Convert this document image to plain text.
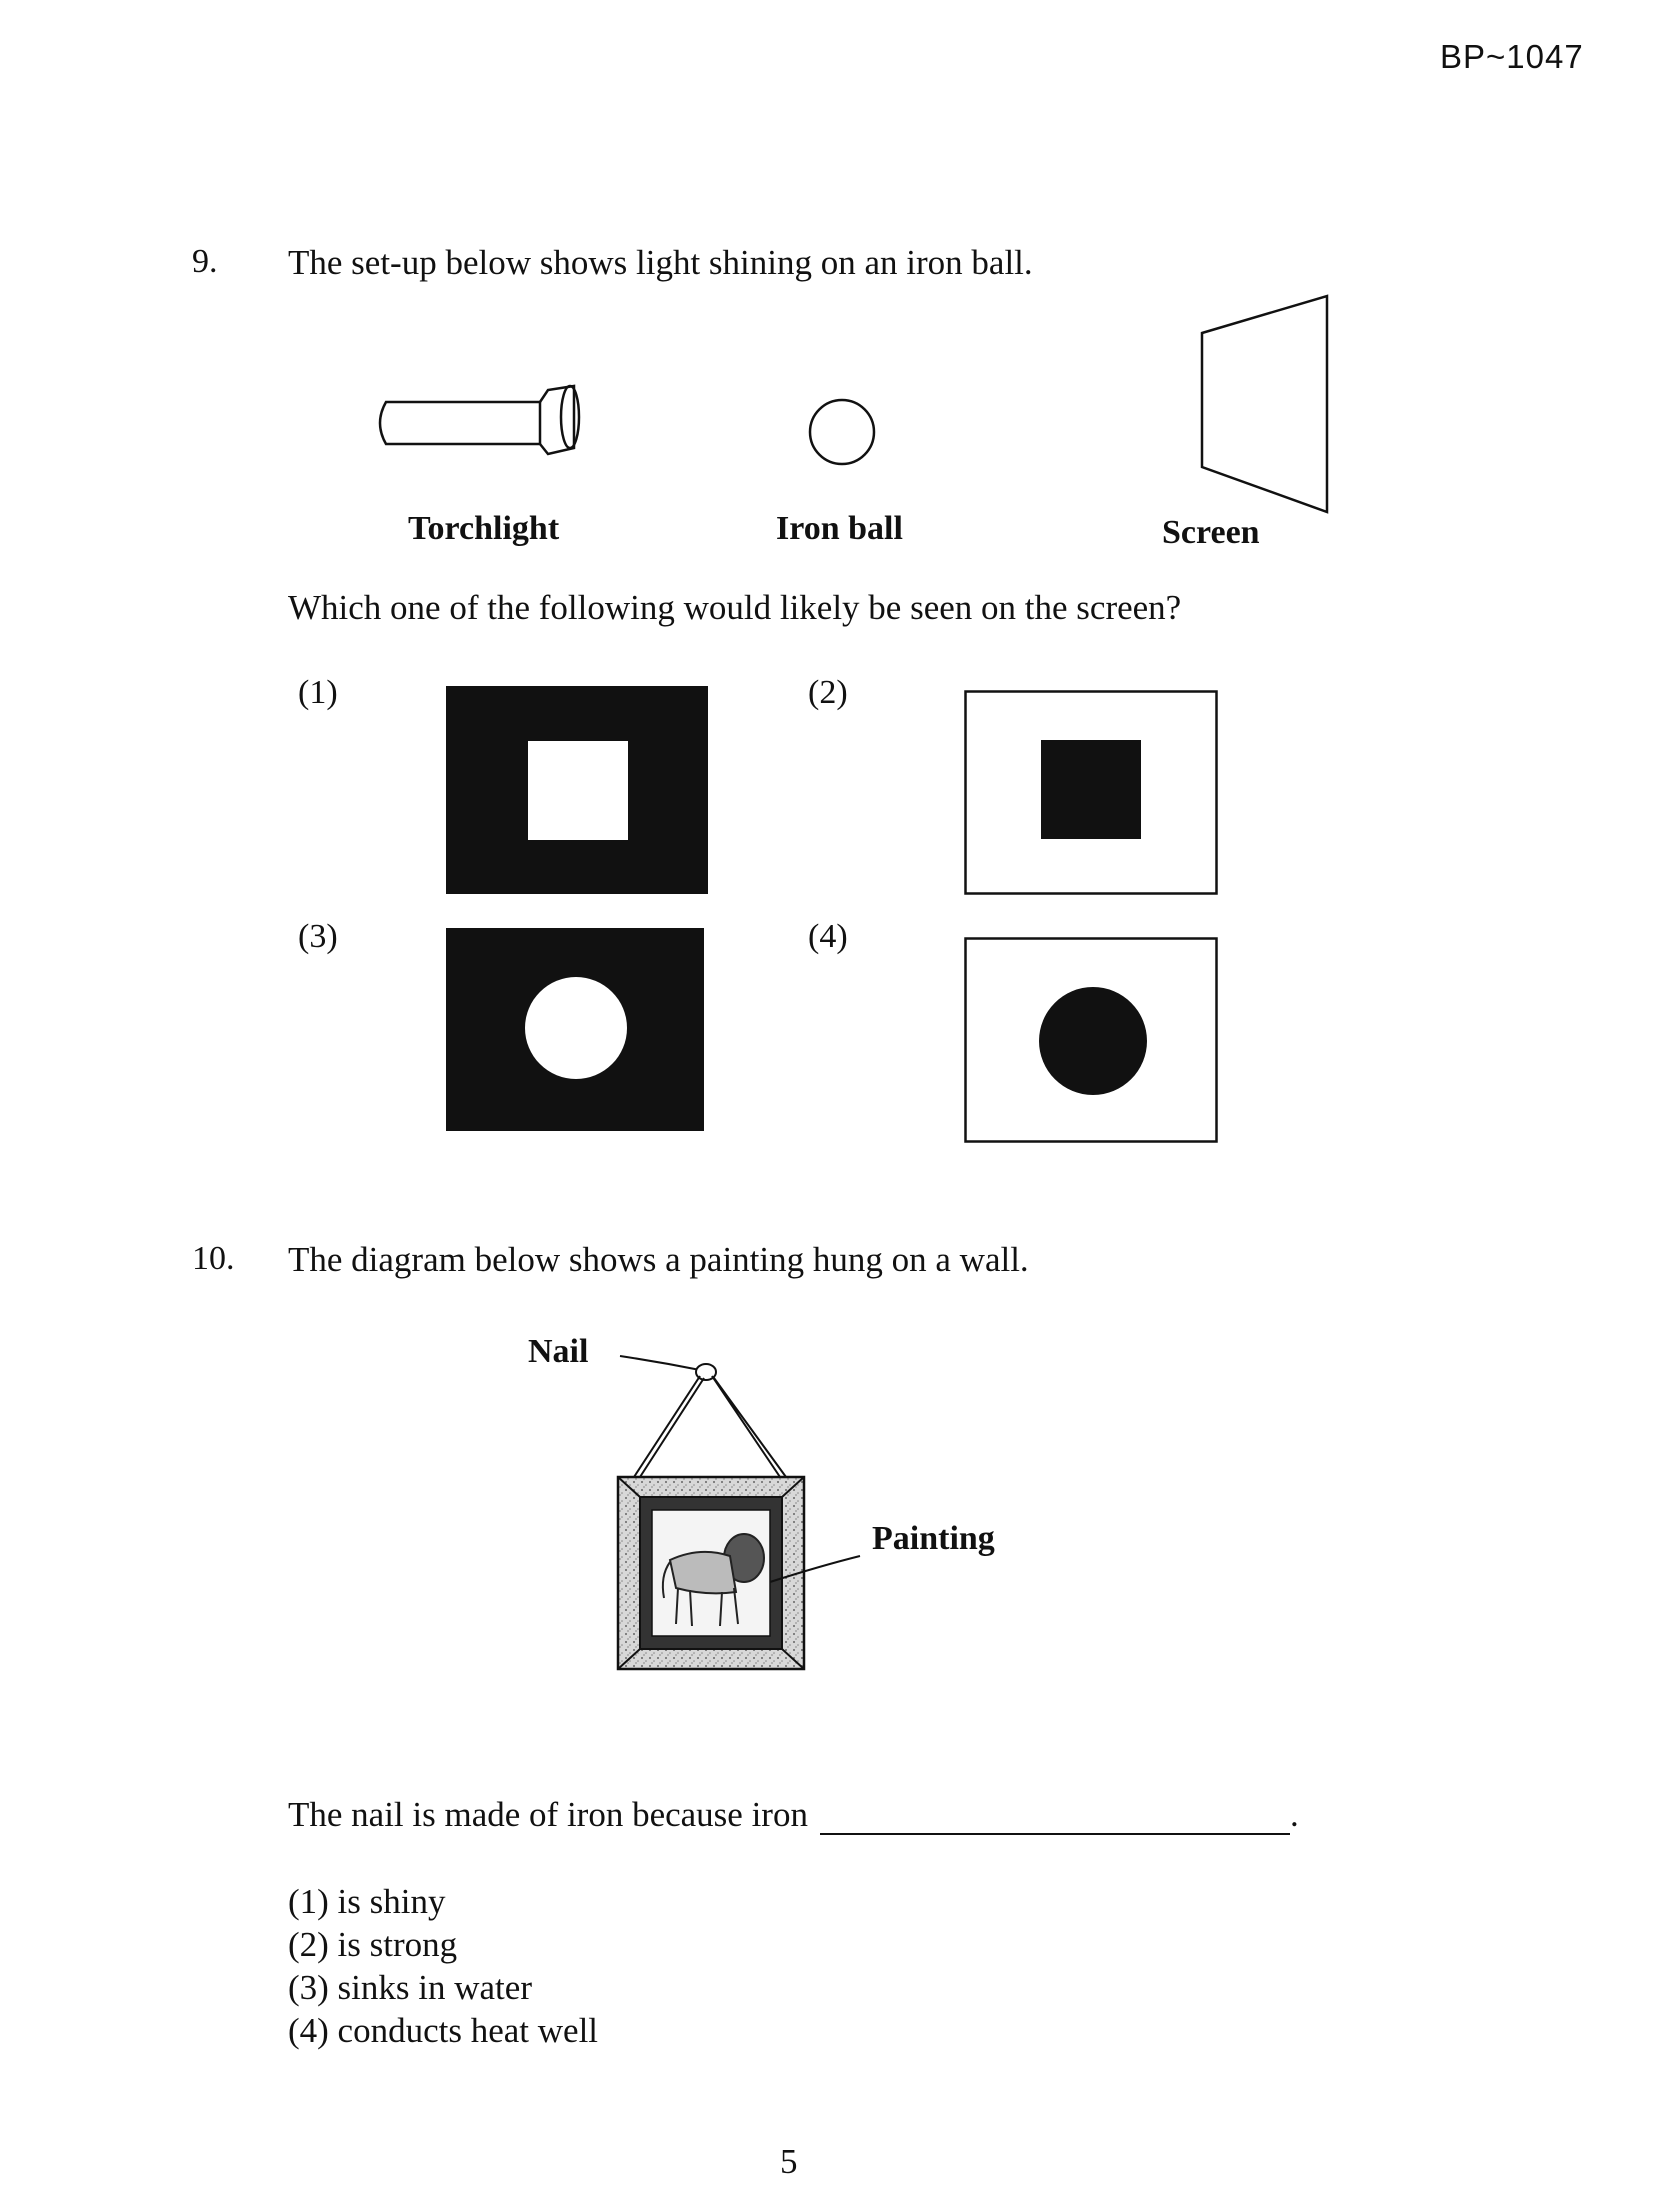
BP~1047
9. The set-up below shows light shining on an iron ball.
Torchlight	Iron ball	Screen
Which one of the following would likely be seen on the screen?
(1)	(2)
(3)	(4)
10. The diagram below shows a painting hung on a wall.
Nail
Painting
The nail is made of iron because iron	.
(1) is shiny
(2) is strong
(3) sinks in water
(4) conducts heat well
5
